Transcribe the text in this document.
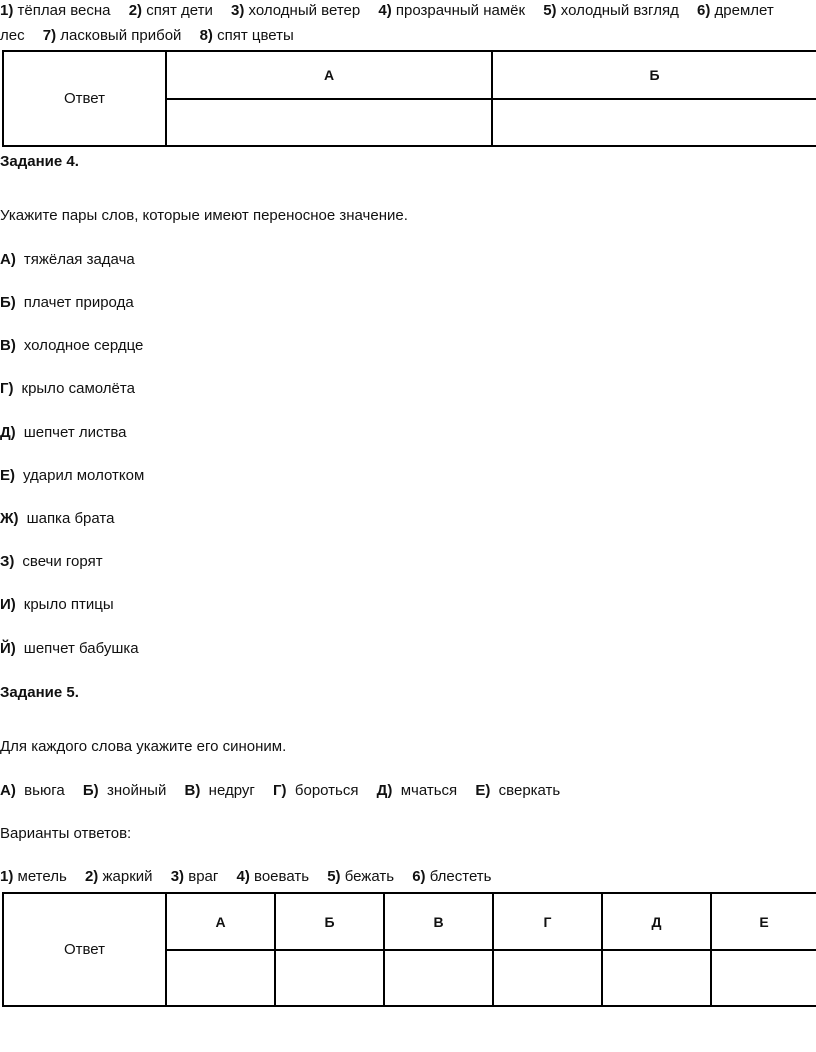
1) тёплая весна 2) спят дети 3) холодный ветер 4) прозрачный намёк 5) холодный взгляд 6) дремлет
лес 7) ласковый прибой 8) спят цветы
Ответ	А	Б

Задание 4.
Укажите пары слов, которые имеют переносное значение.
А) тяжёлая задача
Б) плачет природа
В) холодное сердце
Г) крыло самолёта
Д) шепчет листва
Е) ударил молотком
Ж) шапка брата
З) свечи горят
И) крыло птицы
Й) шепчет бабушка
Задание 5.
Для каждого слова укажите его синоним.
А) вьюга Б) знойный В) недруг Г) бороться Д) мчаться Е) сверкать
Варианты ответов:
1) метель 2) жаркий 3) враг 4) воевать 5) бежать 6) блестеть
Ответ	А	Б	В	Г	Д	Е
